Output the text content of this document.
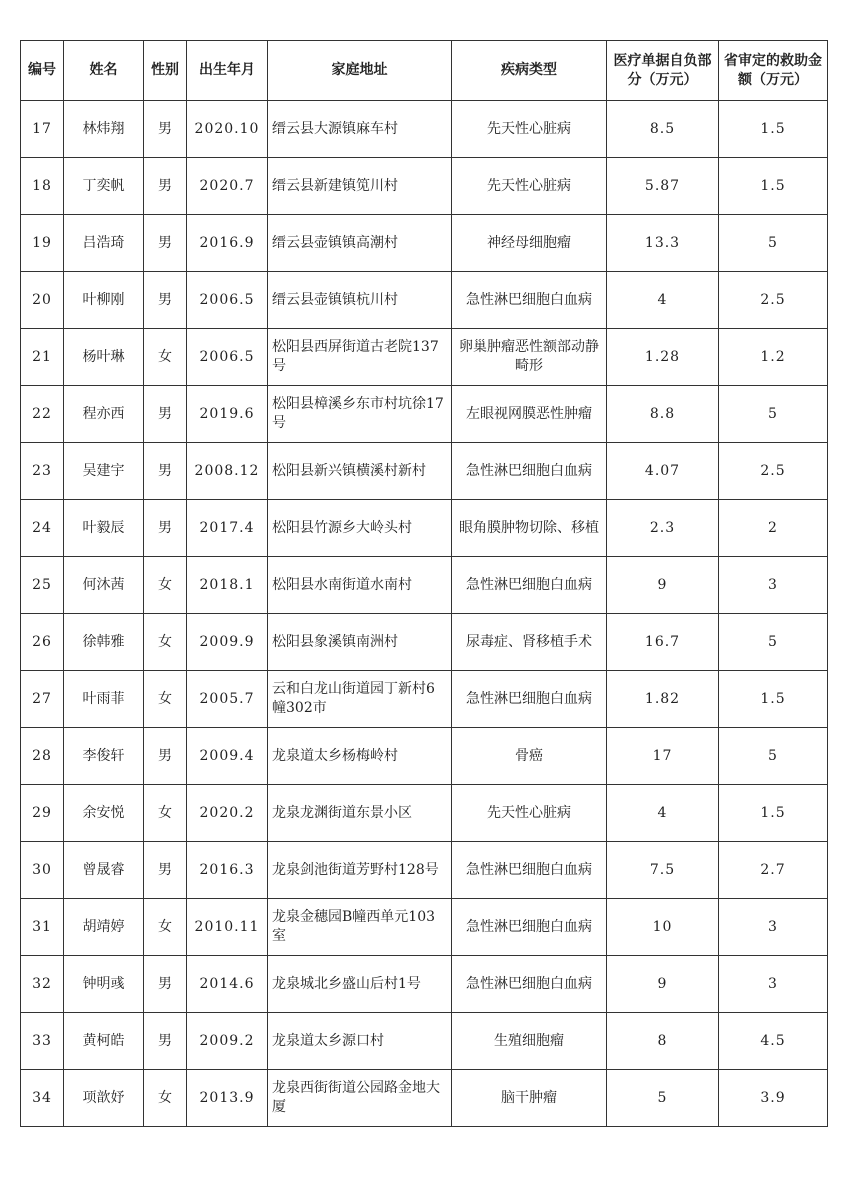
编号	姓名	性别	出生年月	家庭地址	疾病类型	医疗单据自负部分（万元）	省审定的救助金额（万元）
17	林炜翔	男	2020.10	缙云县大源镇麻车村	先天性心脏病	8.5	1.5
18	丁奕帆	男	2020.7	缙云县新建镇笕川村	先天性心脏病	5.87	1.5
19	吕浩琦	男	2016.9	缙云县壶镇镇高潮村	神经母细胞瘤	13.3	5
20	叶柳刚	男	2006.5	缙云县壶镇镇杭川村	急性淋巴细胞白血病	4	2.5
21	杨叶琳	女	2006.5	松阳县西屏街道古老院137号	卵巢肿瘤恶性额部动静畸形	1.28	1.2
22	程亦西	男	2019.6	松阳县樟溪乡东市村坑徐17号	左眼视网膜恶性肿瘤	8.8	5
23	吴建宇	男	2008.12	松阳县新兴镇横溪村新村	急性淋巴细胞白血病	4.07	2.5
24	叶毅辰	男	2017.4	松阳县竹源乡大岭头村	眼角膜肿物切除、移植	2.3	2
25	何沐茜	女	2018.1	松阳县水南街道水南村	急性淋巴细胞白血病	9	3
26	徐韩雅	女	2009.9	松阳县象溪镇南洲村	尿毒症、肾移植手术	16.7	5
27	叶雨菲	女	2005.7	云和白龙山街道园丁新村6幢302市	急性淋巴细胞白血病	1.82	1.5
28	李俊轩	男	2009.4	龙泉道太乡杨梅岭村	骨癌	17	5
29	余安悦	女	2020.2	龙泉龙渊街道东景小区	先天性心脏病	4	1.5
30	曾晟睿	男	2016.3	龙泉剑池街道芳野村128号	急性淋巴细胞白血病	7.5	2.7
31	胡靖婷	女	2010.11	龙泉金穗园B幢西单元103室	急性淋巴细胞白血病	10	3
32	钟明彧	男	2014.6	龙泉城北乡盛山后村1号	急性淋巴细胞白血病	9	3
33	黄柯皓	男	2009.2	龙泉道太乡源口村	生殖细胞瘤	8	4.5
34	项歆妤	女	2013.9	龙泉西街街道公园路金地大厦	脑干肿瘤	5	3.9
